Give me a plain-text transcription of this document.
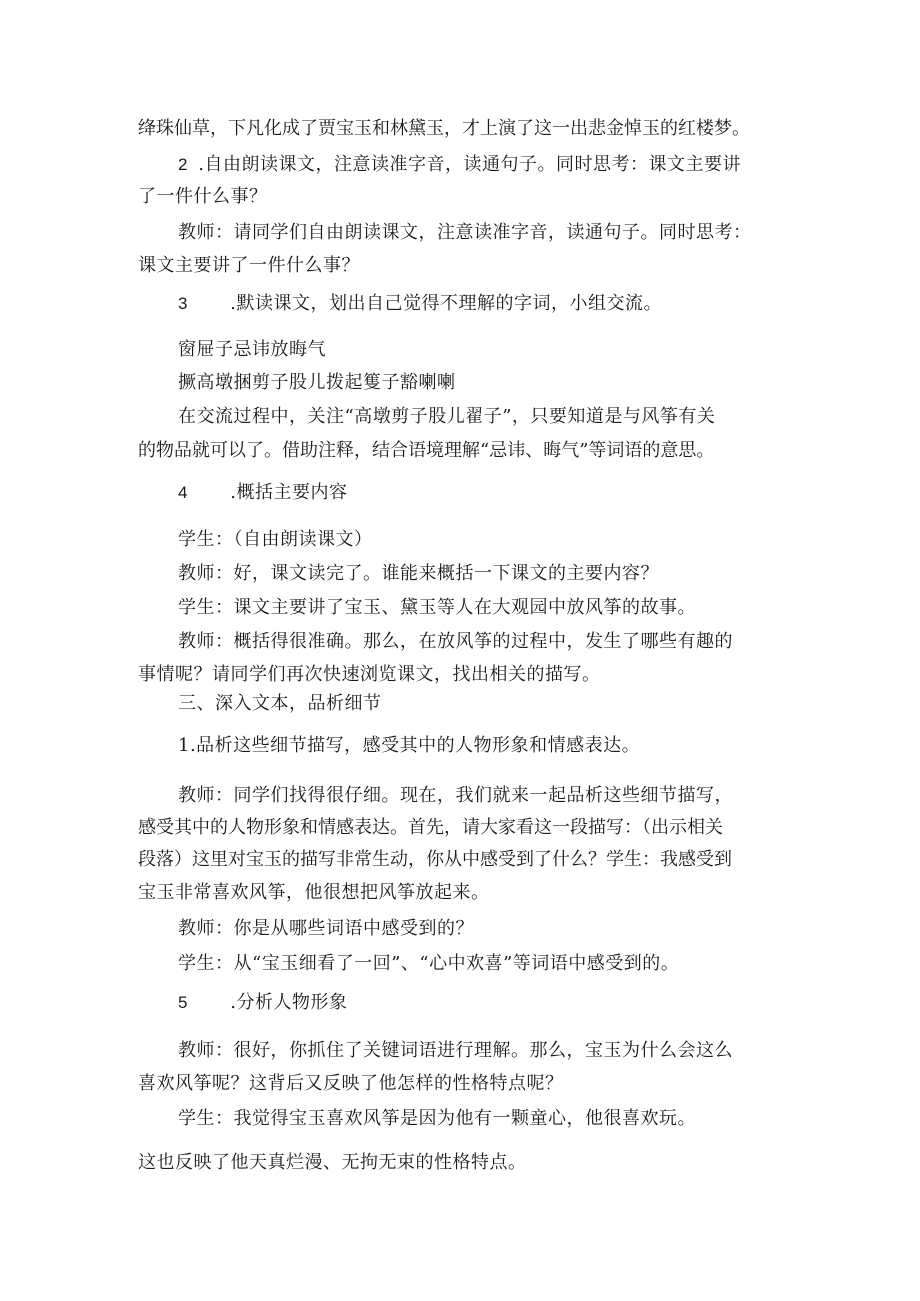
绛珠仙草，下凡化成了贾宝玉和林黛玉，才上演了这一出悲金悼玉的红楼梦。
2 .自由朗读课文，注意读准字音，读通句子。同时思考：课文主要讲
了一件什么事？
教师：请同学们自由朗读课文，注意读准字音，读通句子。同时思考：
课文主要讲了一件什么事？
3 .默读课文，划出自己觉得不理解的字词，小组交流。
窗屉子忌讳放晦气
撅高墩捆剪子股儿拨起篗子豁喇喇
在交流过程中，关注“高墩剪子股儿翟子”，只要知道是与风筝有关
的物品就可以了。借助注释，结合语境理解“忌讳、晦气”等词语的意思。
4 .概括主要内容
学生：（自由朗读课文）
教师：好，课文读完了。谁能来概括一下课文的主要内容？
学生：课文主要讲了宝玉、黛玉等人在大观园中放风筝的故事。
教师：概括得很准确。那么，在放风筝的过程中，发生了哪些有趣的
事情呢？请同学们再次快速浏览课文，找出相关的描写。
三、深入文本，品析细节
1.品析这些细节描写，感受其中的人物形象和情感表达。
教师：同学们找得很仔细。现在，我们就来一起品析这些细节描写，
感受其中的人物形象和情感表达。首先，请大家看这一段描写：（出示相关
段落）这里对宝玉的描写非常生动，你从中感受到了什么？学生：我感受到
宝玉非常喜欢风筝，他很想把风筝放起来。
教师：你是从哪些词语中感受到的？
学生：从“宝玉细看了一回”、“心中欢喜”等词语中感受到的。
5 .分析人物形象
教师：很好，你抓住了关键词语进行理解。那么，宝玉为什么会这么
喜欢风筝呢？这背后又反映了他怎样的性格特点呢？
学生：我觉得宝玉喜欢风筝是因为他有一颗童心，他很喜欢玩。
这也反映了他天真烂漫、无拘无束的性格特点。
